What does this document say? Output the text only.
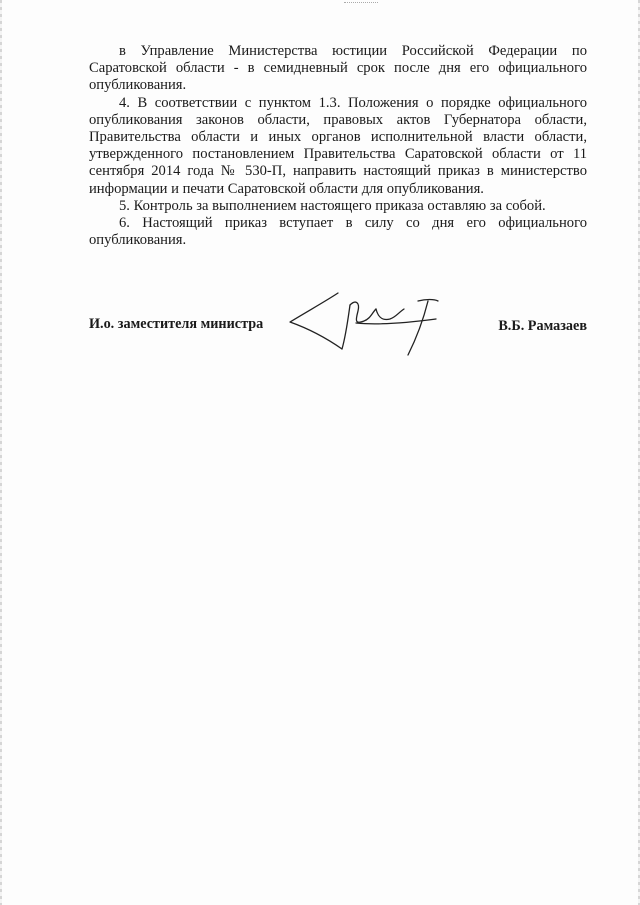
в Управление Министерства юстиции Российской Федерации по Саратовской области - в семидневный срок после дня его официального опубликования.

4. В соответствии с пунктом 1.3. Положения о порядке официального опубликования законов области, правовых актов Губернатора области, Правительства области и иных органов исполнительной власти области, утвержденного постановлением Правительства Саратовской области от 11 сентября 2014 года № 530-П, направить настоящий приказ в министерство информации и печати Саратовской области для опубликования.

5. Контроль за выполнением настоящего приказа оставляю за собой.

6. Настоящий приказ вступает в силу со дня его официального опубликования.

И.о. заместителя министра	В.Б. Рамазаев
